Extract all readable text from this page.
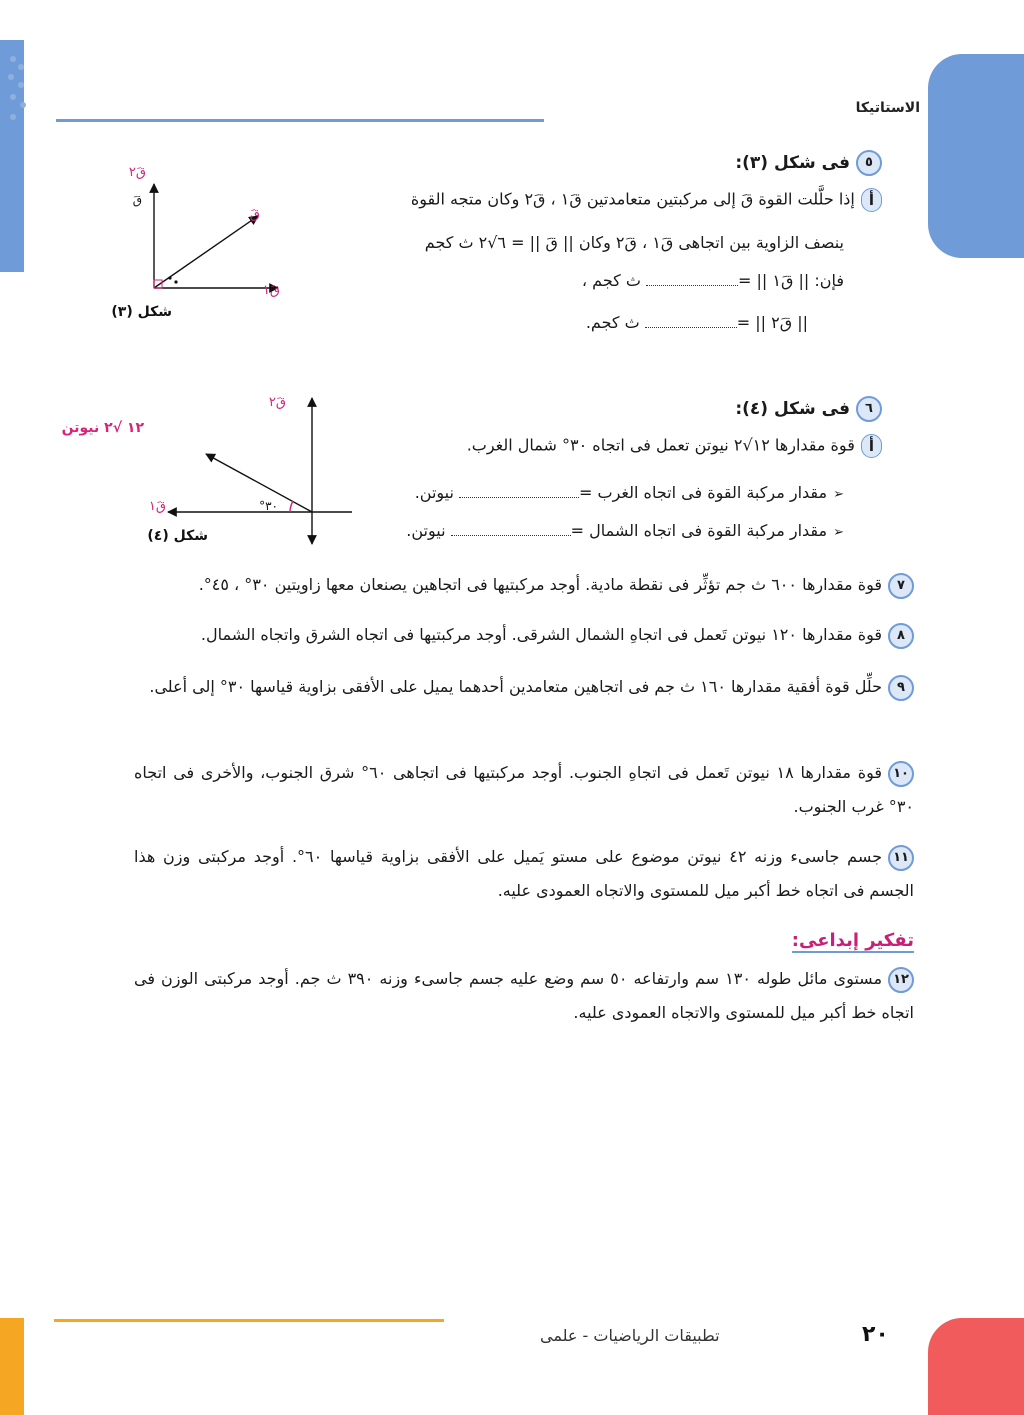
الاستاتيكا
٥فى شكل (٣):
أإذا حلَّلت القوة قَ إلى مركبتين متعامدتين قَ١ ، قَ٢ وكان متجه القوة
ينصف الزاوية بين اتجاهى قَ١ ، قَ٢ وكان || قَ || = ٦√٢ ث كجم
فإن: || قَ١ || = ث كجم ،
|| قَ٢ || = ث كجم.
قَ٢
قَ
قَ
قَ١
شكل (٣)
٦فى شكل (٤):
أقوة مقدارها ١٢√٢ نيوتن تعمل فى اتجاه ٣٠° شمال الغرب.
➢مقدار مركبة القوة فى اتجاه الغرب = نيوتن.
➢مقدار مركبة القوة فى اتجاه الشمال = نيوتن.
٣٠°
١٢ √٢ نيوتن
قَ٢
قَ١
شكل (٤)
٧قوة مقدارها ٦٠٠ ث جم تؤثِّر فى نقطة مادية. أوجد مركبتيها فى اتجاهين يصنعان معها زاويتين ٣٠° ، ٤٥°.
٨قوة مقدارها ١٢٠ نيوتن تَعمل فى اتجاهِ الشمال الشرقى. أوجد مركبتيها فى اتجاه الشرق واتجاه الشمال.
٩حلِّل قوة أفقية مقدارها ١٦٠ ث جم فى اتجاهين متعامدين أحدهما يميل على الأفقى بزاوية قياسها ٣٠° إلى أعلى.
١٠قوة مقدارها ١٨ نيوتن تَعمل فى اتجاهِ الجنوب. أوجد مركبتيها فى اتجاهى ٦٠° شرق الجنوب، والأخرى فى اتجاه ٣٠° غرب الجنوب.
١١جسم جاسىء وزنه ٤٢ نيوتن موضوع على مستو يَميل على الأفقى بزاوية قياسها ٦٠°. أوجد مركبتى وزن هذا الجسم فى اتجاه خط أكبر ميل للمستوى والاتجاه العمودى عليه.
تفكير إبداعى:
١٢مستوى مائل طوله ١٣٠ سم وارتفاعه ٥٠ سم وضع عليه جسم جاسىء وزنه ٣٩٠ ث جم. أوجد مركبتى الوزن فى اتجاه خط أكبر ميل للمستوى والاتجاه العمودى عليه.
٢٠
تطبيقات الرياضيات - علمى
